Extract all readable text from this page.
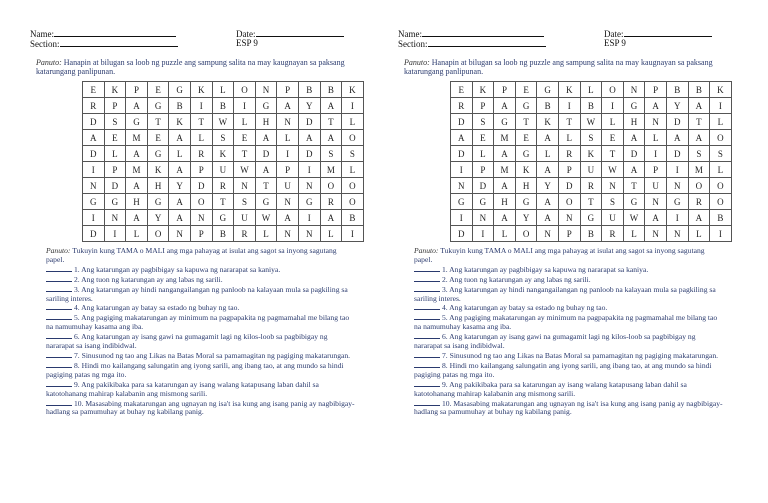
Name:
Section:
Date:
ESP 9
Panuto: Hanapin at bilugan sa loob ng puzzle ang sampung salita na may kaugnayan sa paksang katarungang panlipunan.
E	K	P	E	G	K	L	O	N	P	B	B	K
R	P	A	G	B	I	B	I	G	A	Y	A	I
D	S	G	T	K	T	W	L	H	N	D	T	L
A	E	M	E	A	L	S	E	A	L	A	A	O
D	L	A	G	L	R	K	T	D	I	D	S	S
I	P	M	K	A	P	U	W	A	P	I	M	L
N	D	A	H	Y	D	R	N	T	U	N	O	O
G	G	H	G	A	O	T	S	G	N	G	R	O
I	N	A	Y	A	N	G	U	W	A	I	A	B
D	I	L	O	N	P	B	R	L	N	N	L	I
Panuto: Tukuyin kung TAMA o MALI ang mga pahayag at isulat ang sagot sa inyong sagutang papel.
1. Ang katarungan ay pagbibigay sa kapuwa ng nararapat sa kaniya.
2. Ang tuon ng katarungan ay ang labas ng sarili.
3. Ang katarungan ay hindi nangangailangan ng panloob na kalayaan mula sa pagkiling sa sariling interes.
4. Ang katarungan ay batay sa estado ng buhay ng tao.
5. Ang pagiging makatarungan ay minimum na pagpapakita ng pagmamahal me bilang tao na namumuhay kasama ang iba.
6. Ang katarungan ay isang gawi na gumagamit lagi ng kilos-loob sa pagbibigay ng nararapat sa isang indibidwal.
7. Sinusunod ng tao ang Likas na Batas Moral sa pamamagitan ng pagiging makatarungan.
8. Hindi mo kailangang salungatin ang iyong sarili, ang ibang tao, at ang mundo sa hindi pagiging patas ng mga ito.
9. Ang pakikibaka para sa katarungan ay isang walang katapusang laban dahil sa katotohanang mahirap kalabanin ang mismong sarili.
10. Masasabing makatarungan ang ugnayan ng isa't isa kung ang isang panig ay nagbibigay-hadlang sa pamumuhay at buhay ng kabilang panig.
Name:
Section:
Date:
ESP 9
Panuto: Hanapin at bilugan sa loob ng puzzle ang sampung salita na may kaugnayan sa paksang katarungang panlipunan.
E	K	P	E	G	K	L	O	N	P	B	B	K
R	P	A	G	B	I	B	I	G	A	Y	A	I
D	S	G	T	K	T	W	L	H	N	D	T	L
A	E	M	E	A	L	S	E	A	L	A	A	O
D	L	A	G	L	R	K	T	D	I	D	S	S
I	P	M	K	A	P	U	W	A	P	I	M	L
N	D	A	H	Y	D	R	N	T	U	N	O	O
G	G	H	G	A	O	T	S	G	N	G	R	O
I	N	A	Y	A	N	G	U	W	A	I	A	B
D	I	L	O	N	P	B	R	L	N	N	L	I
Panuto: Tukuyin kung TAMA o MALI ang mga pahayag at isulat ang sagot sa inyong sagutang papel.
1. Ang katarungan ay pagbibigay sa kapuwa ng nararapat sa kaniya.
2. Ang tuon ng katarungan ay ang labas ng sarili.
3. Ang katarungan ay hindi nangangailangan ng panloob na kalayaan mula sa pagkiling sa sariling interes.
4. Ang katarungan ay batay sa estado ng buhay ng tao.
5. Ang pagiging makatarungan ay minimum na pagpapakita ng pagmamahal me bilang tao na namumuhay kasama ang iba.
6. Ang katarungan ay isang gawi na gumagamit lagi ng kilos-loob sa pagbibigay ng nararapat sa isang indibidwal.
7. Sinusunod ng tao ang Likas na Batas Moral sa pamamagitan ng pagiging makatarungan.
8. Hindi mo kailangang salungatin ang iyong sarili, ang ibang tao, at ang mundo sa hindi pagiging patas ng mga ito.
9. Ang pakikibaka para sa katarungan ay isang walang katapusang laban dahil sa katotohanang mahirap kalabanin ang mismong sarili.
10. Masasabing makatarungan ang ugnayan ng isa't isa kung ang isang panig ay nagbibigay-hadlang sa pamumuhay at buhay ng kabilang panig.
